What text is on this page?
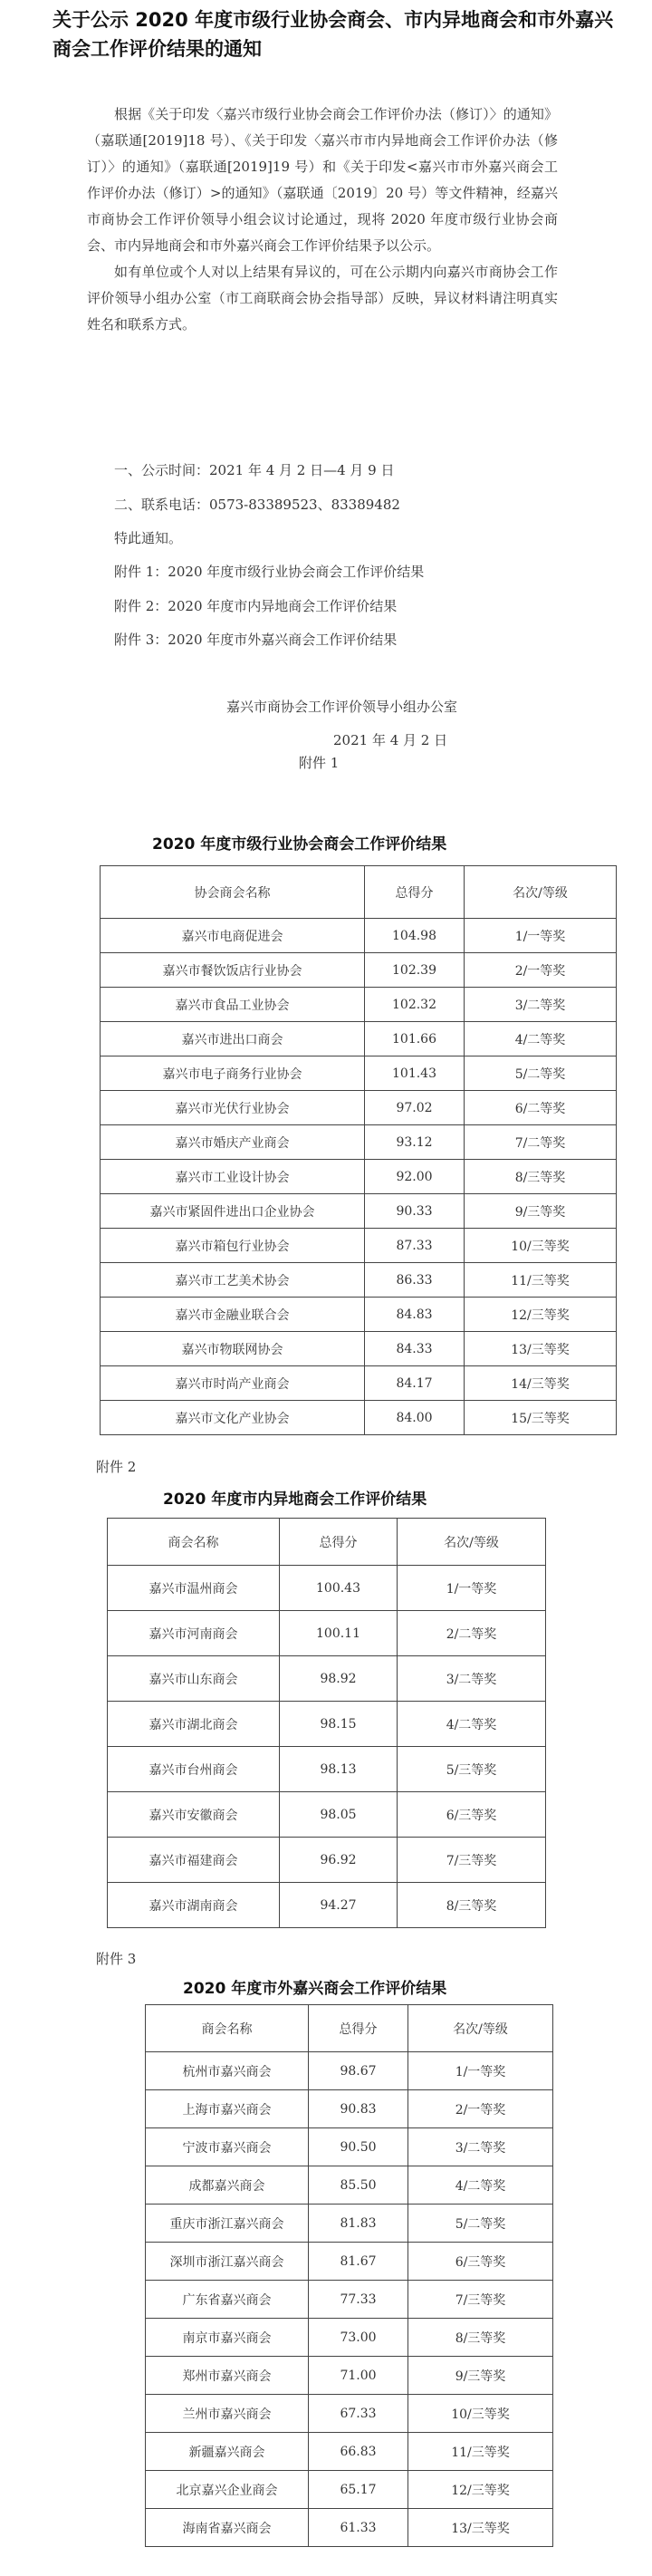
关于公示 2020 年度市级行业协会商会、市内异地商会和市外嘉兴商会工作评价结果的通知

根据《关于印发〈嘉兴市级行业协会商会工作评价办法（修订）〉的通知》（嘉联通[2019]18 号）、《关于印发〈嘉兴市市内异地商会工作评价办法（修订）〉的通知》（嘉联通[2019]19 号）和《关于印发<嘉兴市市外嘉兴商会工作评价办法（修订）>的通知》（嘉联通〔2019〕20 号）等文件精神，经嘉兴市商协会工作评价领导小组会议讨论通过，现将 2020 年度市级行业协会商会、市内异地商会和市外嘉兴商会工作评价结果予以公示。

如有单位或个人对以上结果有异议的，可在公示期内向嘉兴市商协会工作评价领导小组办公室（市工商联商会协会指导部）反映，异议材料请注明真实姓名和联系方式。

一、公示时间：2021 年 4 月 2 日—4 月 9 日
二、联系电话：0573-83389523、83389482
特此通知。
附件 1：2020 年度市级行业协会商会工作评价结果
附件 2：2020 年度市内异地商会工作评价结果
附件 3：2020 年度市外嘉兴商会工作评价结果
嘉兴市商协会工作评价领导小组办公室
2021 年 4 月 2 日
附件 1
2020 年度市级行业协会商会工作评价结果
协会商会名称	总得分	名次/等级
嘉兴市电商促进会	104.98	1/一等奖
嘉兴市餐饮饭店行业协会	102.39	2/一等奖
嘉兴市食品工业协会	102.32	3/二等奖
嘉兴市进出口商会	101.66	4/二等奖
嘉兴市电子商务行业协会	101.43	5/二等奖
嘉兴市光伏行业协会	97.02	6/二等奖
嘉兴市婚庆产业商会	93.12	7/二等奖
嘉兴市工业设计协会	92.00	8/三等奖
嘉兴市紧固件进出口企业协会	90.33	9/三等奖
嘉兴市箱包行业协会	87.33	10/三等奖
嘉兴市工艺美术协会	86.33	11/三等奖
嘉兴市金融业联合会	84.83	12/三等奖
嘉兴市物联网协会	84.33	13/三等奖
嘉兴市时尚产业商会	84.17	14/三等奖
嘉兴市文化产业协会	84.00	15/三等奖
附件 2
2020 年度市内异地商会工作评价结果
商会名称	总得分	名次/等级
嘉兴市温州商会	100.43	1/一等奖
嘉兴市河南商会	100.11	2/二等奖
嘉兴市山东商会	98.92	3/二等奖
嘉兴市湖北商会	98.15	4/二等奖
嘉兴市台州商会	98.13	5/三等奖
嘉兴市安徽商会	98.05	6/三等奖
嘉兴市福建商会	96.92	7/三等奖
嘉兴市湖南商会	94.27	8/三等奖
附件 3
2020 年度市外嘉兴商会工作评价结果
商会名称	总得分	名次/等级
杭州市嘉兴商会	98.67	1/一等奖
上海市嘉兴商会	90.83	2/一等奖
宁波市嘉兴商会	90.50	3/二等奖
成都嘉兴商会	85.50	4/二等奖
重庆市浙江嘉兴商会	81.83	5/二等奖
深圳市浙江嘉兴商会	81.67	6/三等奖
广东省嘉兴商会	77.33	7/三等奖
南京市嘉兴商会	73.00	8/三等奖
郑州市嘉兴商会	71.00	9/三等奖
兰州市嘉兴商会	67.33	10/三等奖
新疆嘉兴商会	66.83	11/三等奖
北京嘉兴企业商会	65.17	12/三等奖
海南省嘉兴商会	61.33	13/三等奖
